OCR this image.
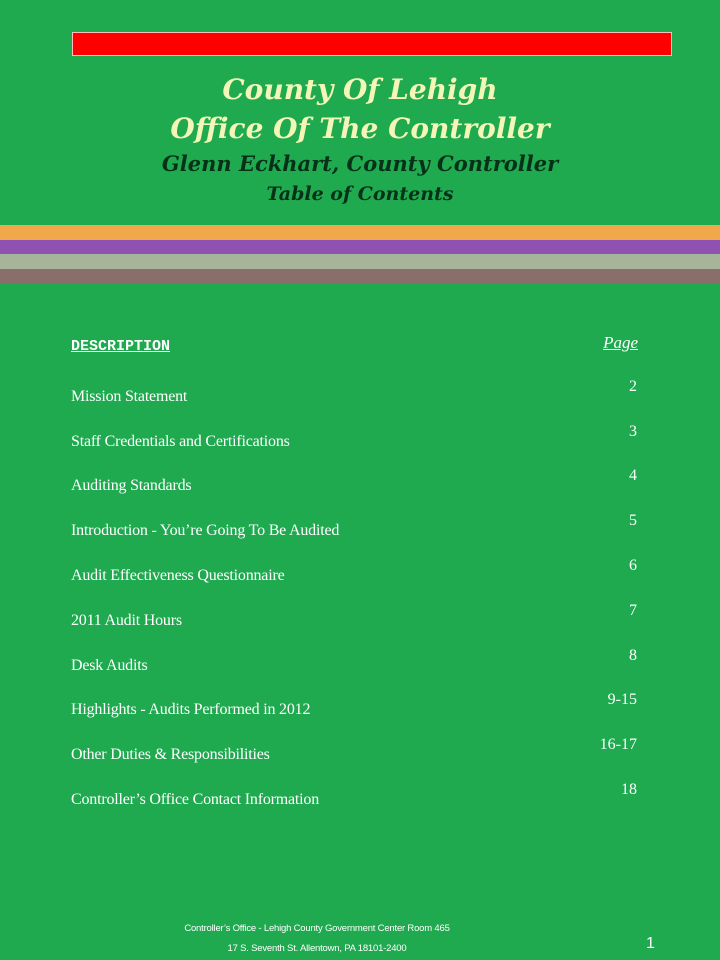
County Of Lehigh
Office Of The Controller
Glenn Eckhart, County Controller
Table of Contents
DESCRIPTION	Page
Mission Statement
2
Staff Credentials and Certifications
3
Auditing Standards
4
Introduction - You’re Going To Be Audited
5
Audit Effectiveness Questionnaire
6
2011 Audit Hours
7
Desk Audits
8
Highlights - Audits Performed in 2012
9-15
Other Duties & Responsibilities
16-17
Controller’s Office Contact Information
18
Controller’s Office - Lehigh County Government Center Room 465
17 S. Seventh St. Allentown, PA 18101-2400	1
